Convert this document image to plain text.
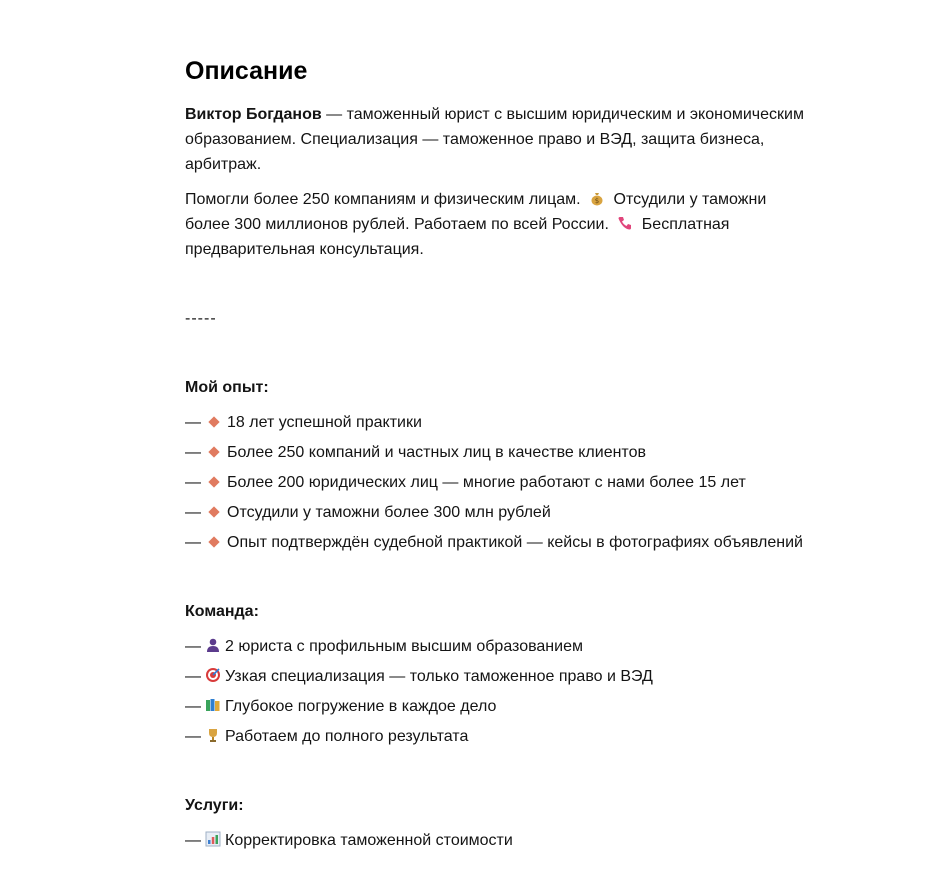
Описание

Виктор Богданов — таможенный юрист с высшим юридическим и экономическим образованием. Специализация — таможенное право и ВЭД, защита бизнеса, арбитраж.

Помогли более 250 компаниям и физическим лицам. $ Отсудили у таможни более 300 миллионов рублей. Работаем по всей России.  Бесплатная предварительная консультация.

-----
Мой опыт:
— 18 лет успешной практики
— Более 250 компаний и частных лиц в качестве клиентов
— Более 200 юридических лиц — многие работают с нами более 15 лет
— Отсудили у таможни более 300 млн рублей
— Опыт подтверждён судебной практикой — кейсы в фотографиях объявлений
Команда:
— 2 юриста с профильным высшим образованием
— Узкая специализация — только таможенное право и ВЭД
— Глубокое погружение в каждое дело
— Работаем до полного результата
Услуги:
— Корректировка таможенной стоимости
